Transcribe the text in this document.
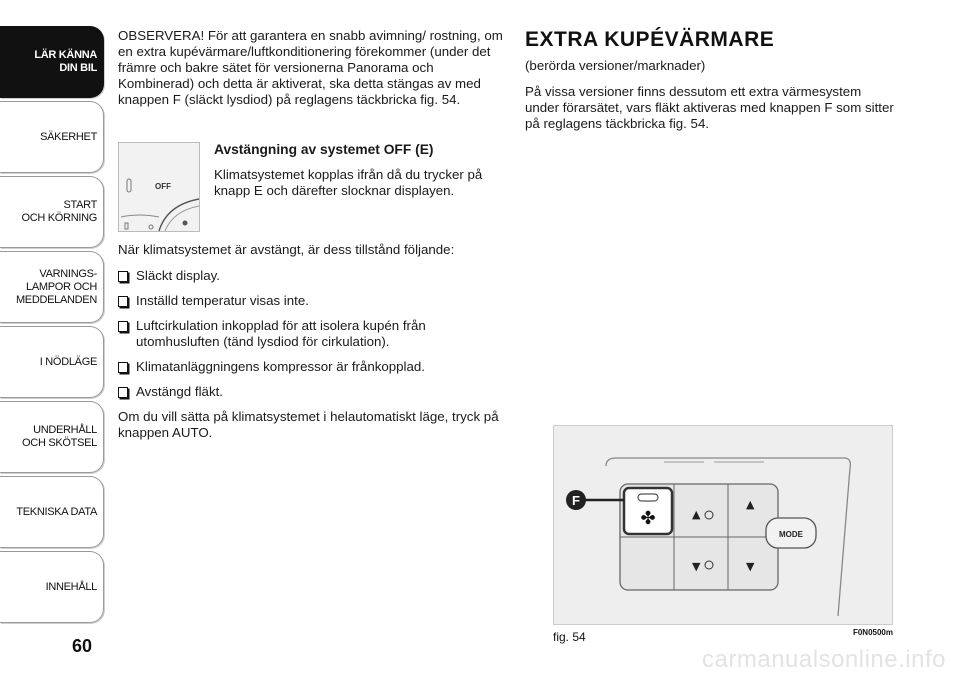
LÄR KÄNNA
DIN BIL
SÄKERHET
START
OCH KÖRNING
VARNINGS-
LAMPOR OCH
MEDDELANDEN
I NÖDLÄGE
UNDERHÅLL
OCH SKÖTSEL
TEKNISKA DATA
INNEHÅLL
60

OBSERVERA! För att garantera en snabb avimning/ rostning, om en extra kupévärmare/luftkonditionering förekommer (under det främre och bakre sätet för versionerna Panorama och Kombinerad) och detta är aktiverat, ska detta stängas av med knappen F (släckt lysdiod) på reglagens täckbricka fig. 54.

OFF
Avstängning av systemet OFF (E)

Klimatsystemet kopplas ifrån då du trycker på knapp E och därefter slocknar displayen.

När klimatsystemet är avstängt, är dess tillstånd följande:

Släckt display.
Inställd temperatur visas inte.
Luftcirkulation inkopplad för att isolera kupén från utomhusluften (tänd lysdiod för cirkulation).
Klimatanläggningens kompressor är frånkopplad.
Avstängd fläkt.

Om du vill sätta på klimatsystemet i helautomatiskt läge, tryck på knappen AUTO.

EXTRA KUPÉVÄRMARE

(berörda versioner/marknader)

På vissa versioner finns dessutom ett extra värmesystem under förarsätet, vars fläkt aktiveras med knappen F som sitter på reglagens täckbricka fig. 54.

✤	▲
▲
▼	▼
MODE
F
fig. 54	F0N0500m
carmanualsonline.info
